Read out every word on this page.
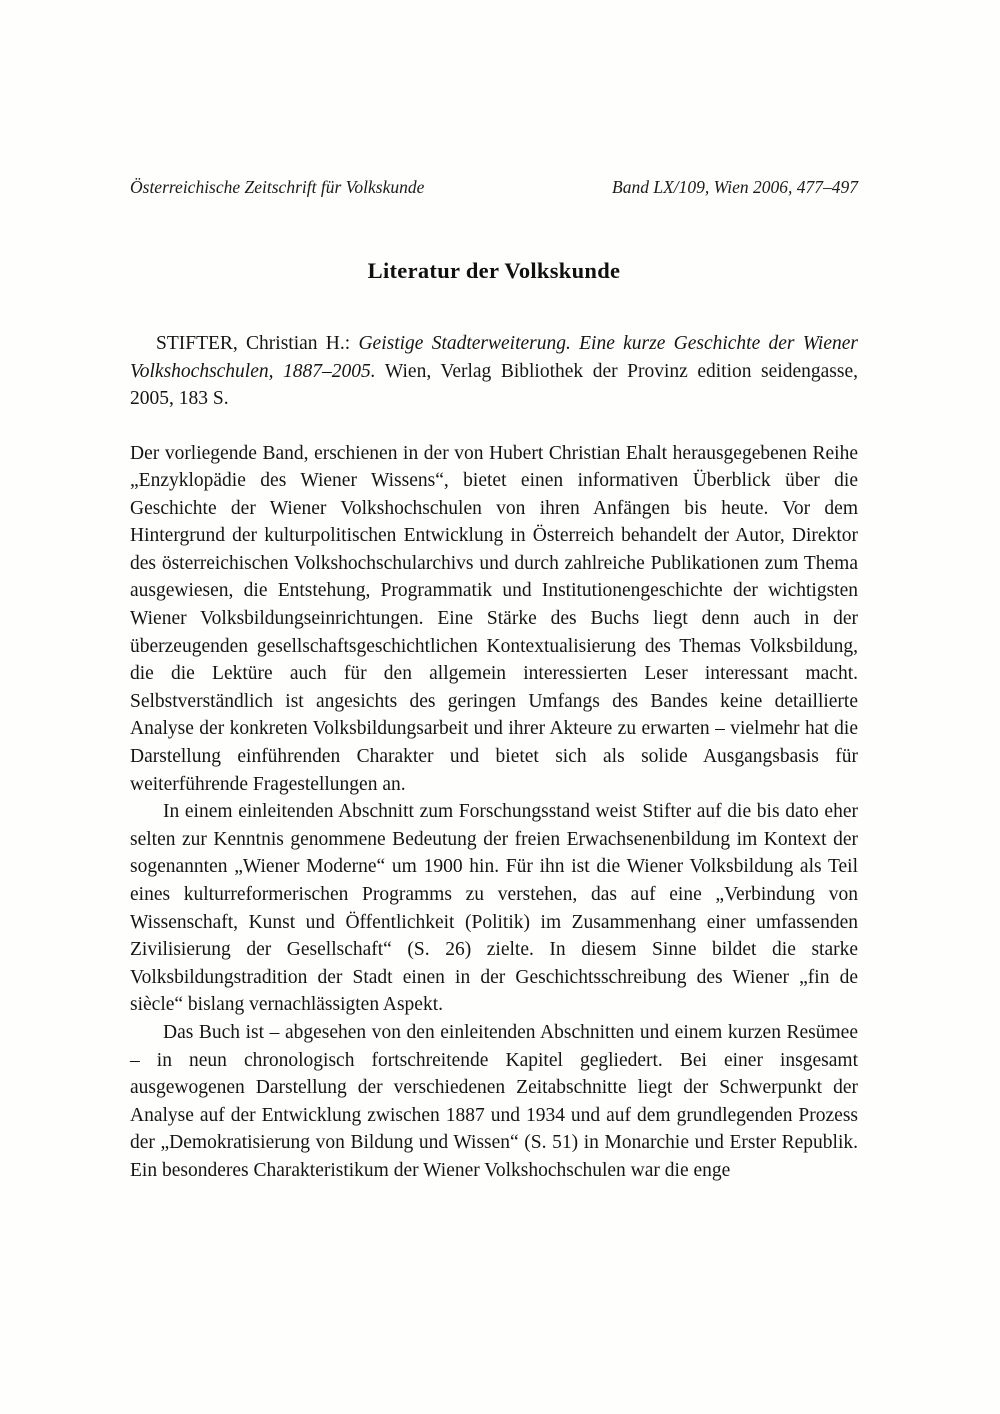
Österreichische Zeitschrift für Volkskunde	Band LX/109, Wien 2006, 477–497
Literatur der Volkskunde

STIFTER, Christian H.: Geistige Stadterweiterung. Eine kurze Geschichte der Wiener Volkshochschulen, 1887–2005. Wien, Verlag Bibliothek der Provinz edition seidengasse, 2005, 183 S.

Der vorliegende Band, erschienen in der von Hubert Christian Ehalt herausgegebenen Reihe „Enzyklopädie des Wiener Wissens“, bietet einen informativen Überblick über die Geschichte der Wiener Volkshochschulen von ihren Anfängen bis heute. Vor dem Hintergrund der kulturpolitischen Entwicklung in Österreich behandelt der Autor, Direktor des österreichischen Volkshochschularchivs und durch zahlreiche Publikationen zum Thema ausgewiesen, die Entstehung, Programmatik und Institutionengeschichte der wichtigsten Wiener Volksbildungseinrichtungen. Eine Stärke des Buchs liegt denn auch in der überzeugenden gesellschaftsgeschichtlichen Kontextualisierung des Themas Volksbildung, die die Lektüre auch für den allgemein interessierten Leser interessant macht. Selbstverständlich ist angesichts des geringen Umfangs des Bandes keine detaillierte Analyse der konkreten Volksbildungsarbeit und ihrer Akteure zu erwarten – vielmehr hat die Darstellung einführenden Charakter und bietet sich als solide Ausgangsbasis für weiterführende Fragestellungen an.

In einem einleitenden Abschnitt zum Forschungsstand weist Stifter auf die bis dato eher selten zur Kenntnis genommene Bedeutung der freien Erwachsenenbildung im Kontext der sogenannten „Wiener Moderne“ um 1900 hin. Für ihn ist die Wiener Volksbildung als Teil eines kulturreformerischen Programms zu verstehen, das auf eine „Verbindung von Wissenschaft, Kunst und Öffentlichkeit (Politik) im Zusammenhang einer umfassenden Zivilisierung der Gesellschaft“ (S. 26) zielte. In diesem Sinne bildet die starke Volksbildungstradition der Stadt einen in der Geschichtsschreibung des Wiener „fin de siècle“ bislang vernachlässigten Aspekt.

Das Buch ist – abgesehen von den einleitenden Abschnitten und einem kurzen Resümee – in neun chronologisch fortschreitende Kapitel gegliedert. Bei einer insgesamt ausgewogenen Darstellung der verschiedenen Zeitabschnitte liegt der Schwerpunkt der Analyse auf der Entwicklung zwischen 1887 und 1934 und auf dem grundlegenden Prozess der „Demokratisierung von Bildung und Wissen“ (S. 51) in Monarchie und Erster Republik. Ein besonderes Charakteristikum der Wiener Volkshochschulen war die enge
